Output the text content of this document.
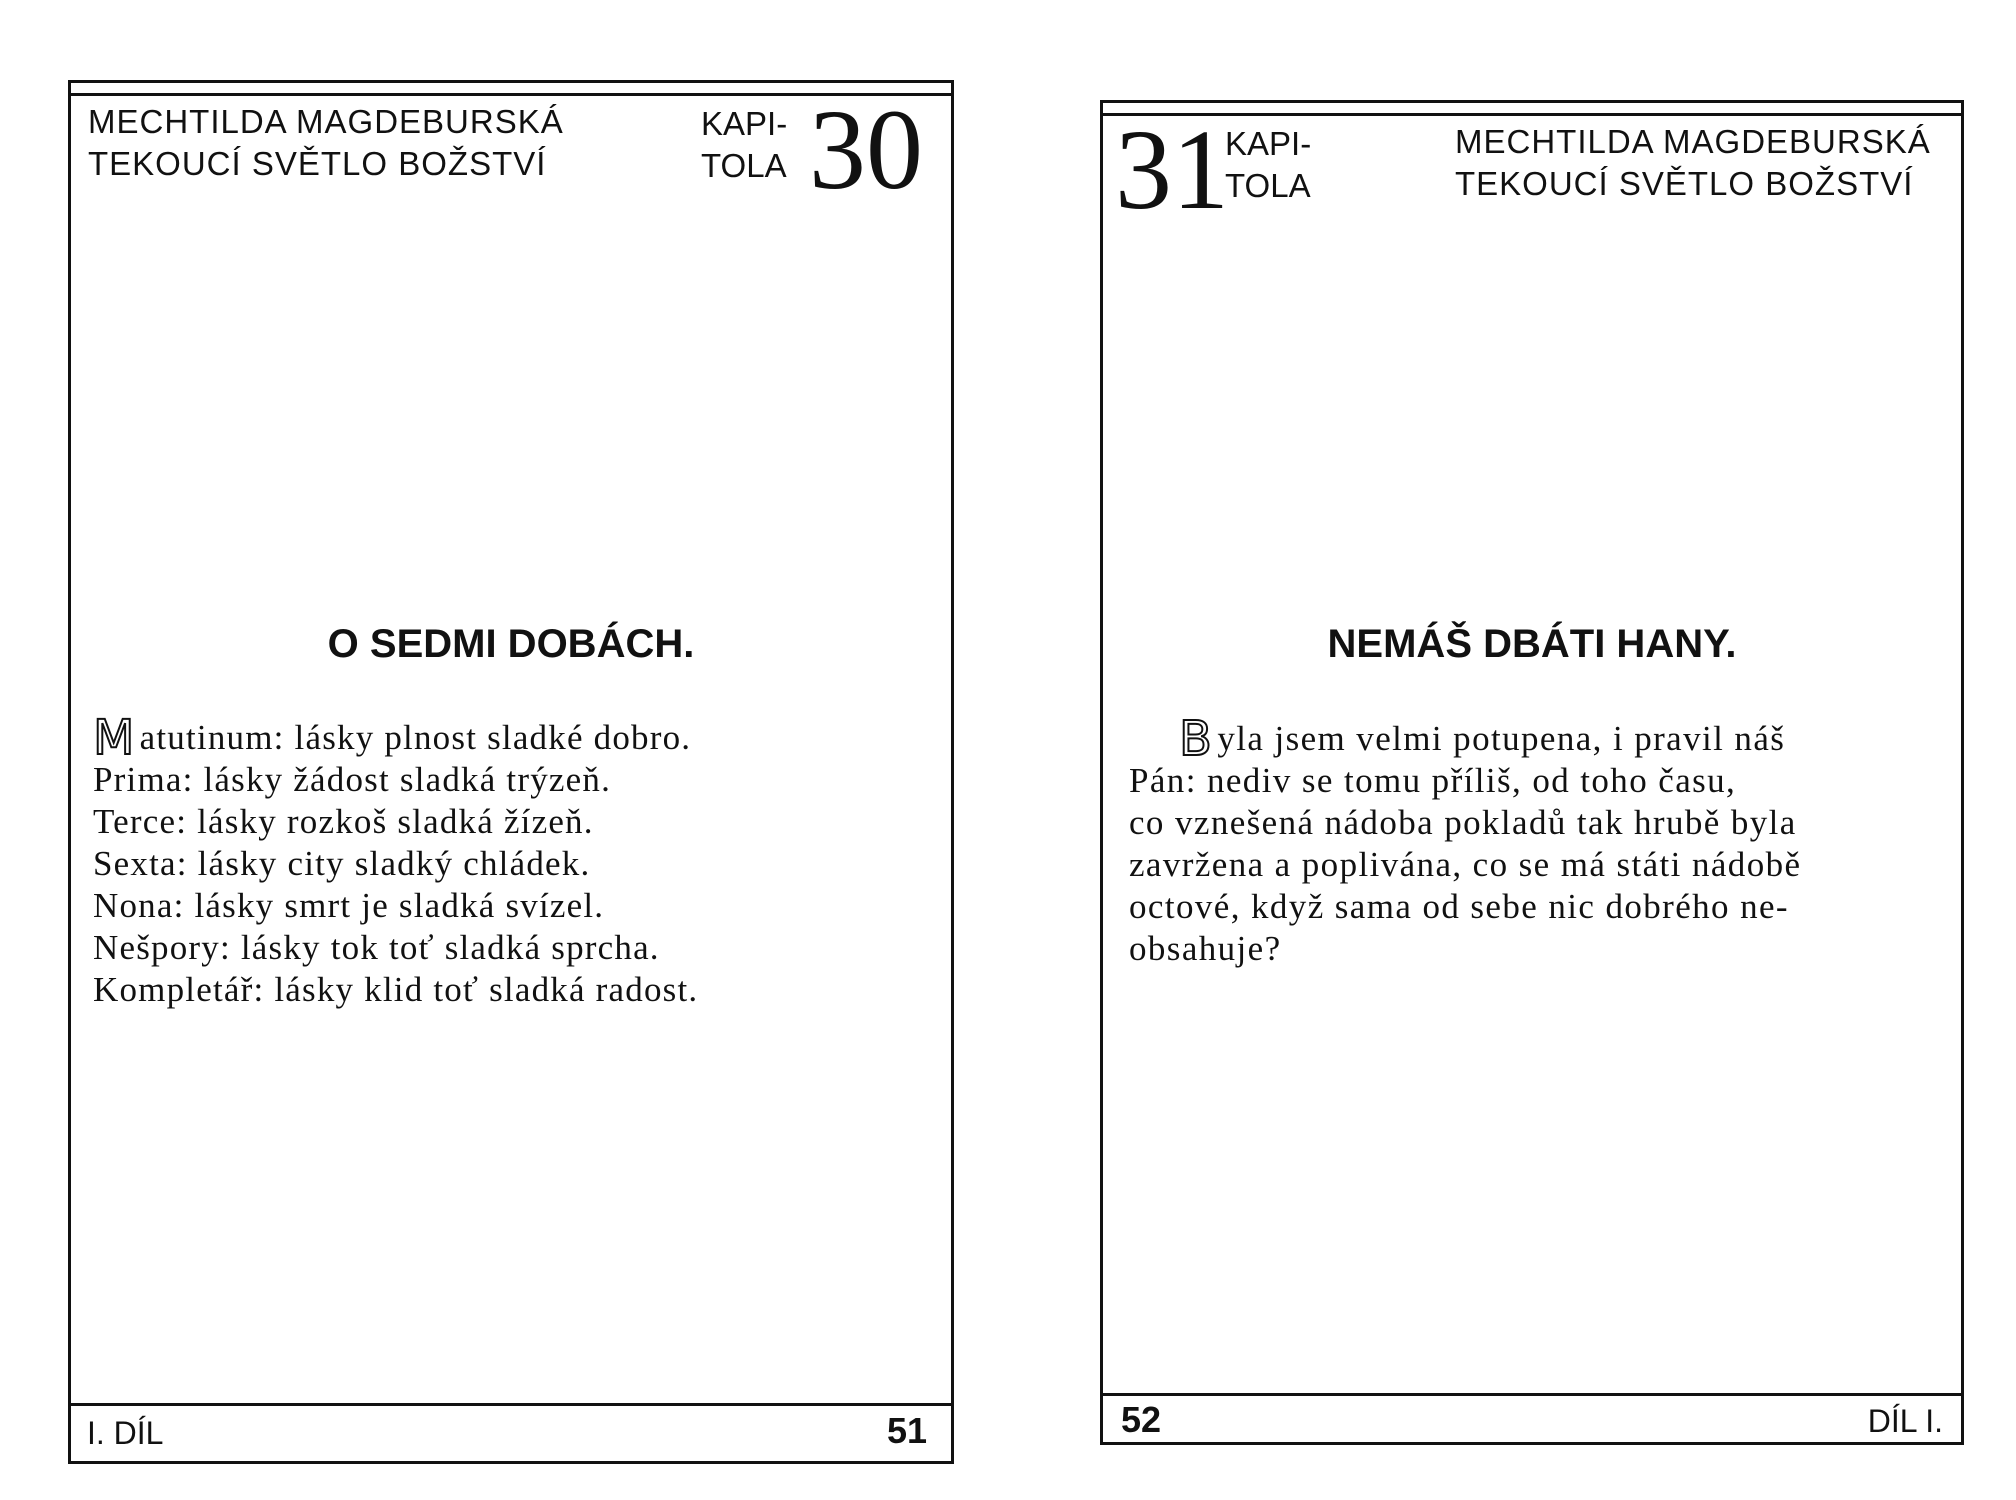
MECHTILDA MAGDEBURSKÁ
TEKOUCÍ SVĚTLO BOŽSTVÍ
KAPI-
TOLA 30
O SEDMI DOBÁCH.
M atutinum: lásky plnost sladké dobro.
Prima: lásky žádost sladká trýzeň.
Terce: lásky rozkoš sladká žízeň.
Sexta: lásky city sladký chládek.
Nona: lásky smrt je sladká svízel.
Nešpory: lásky tok toť sladká sprcha.
Kompletář: lásky klid toť sladká radost.
I. DÍL	51
31
KAPI-
TOLA
MECHTILDA MAGDEBURSKÁ
TEKOUCÍ SVĚTLO BOŽSTVÍ
NEMÁŠ DBÁTI HANY.
B yla jsem velmi potupena, i pravil náš
Pán: nediv se tomu příliš, od toho času,
co vznešená nádoba pokladů tak hrubě byla
zavržena a poplivána, co se má státi nádobě
octové, když sama od sebe nic dobrého ne-
obsahuje?
52	DÍL I.
